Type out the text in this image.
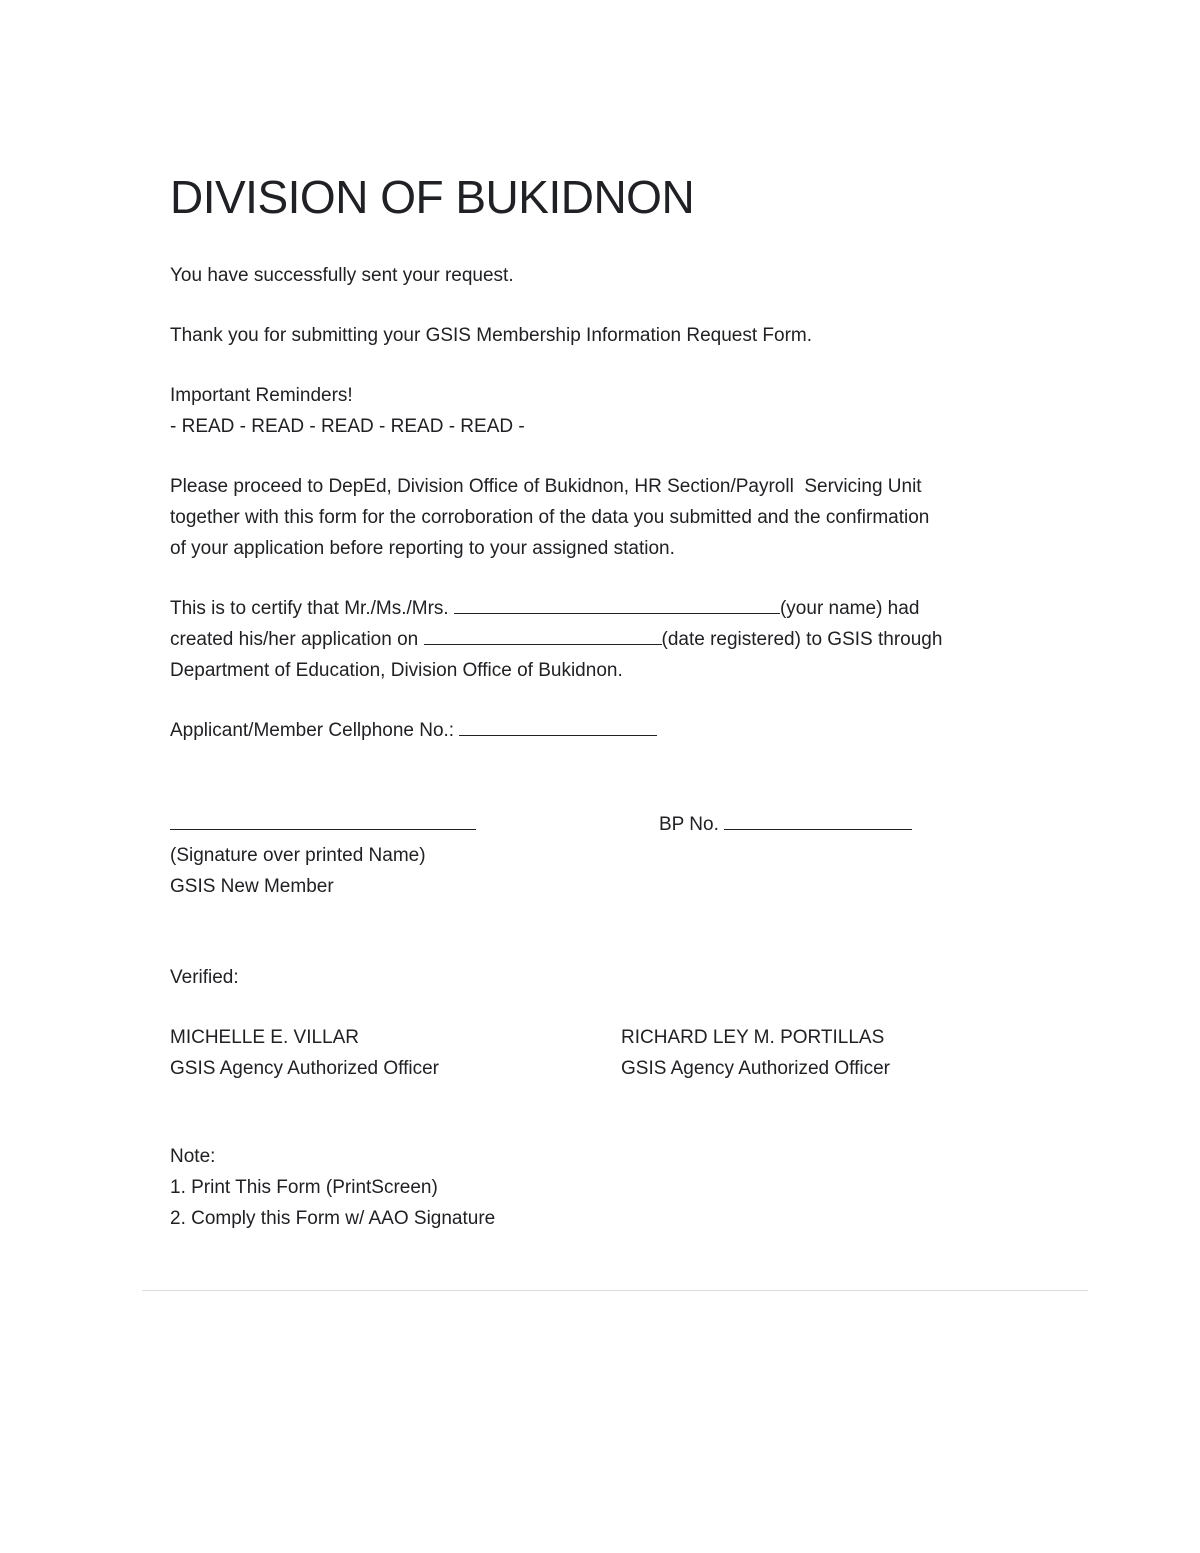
DIVISION OF BUKIDNON

You have successfully sent your request.

Thank you for submitting your GSIS Membership Information Request Form.

Important Reminders!
- READ - READ - READ - READ - READ -

Please proceed to DepEd, Division Office of Bukidnon, HR Section/Payroll  Servicing Unit
together with this form for the corroboration of the data you submitted and the confirmation
of your application before reporting to your assigned station.

This is to certify that Mr./Ms./Mrs.	(your name) had
created his/her application on	(date registered) to GSIS through
Department of Education, Division Office of Bukidnon.

Applicant/Member Cellphone No.:

(Signature over printed Name)
GSIS New Member
BP No.
Verified:
MICHELLE E. VILLAR
GSIS Agency Authorized Officer
RICHARD LEY M. PORTILLAS
GSIS Agency Authorized Officer
Note:
1. Print This Form (PrintScreen)
2. Comply this Form w/ AAO Signature
